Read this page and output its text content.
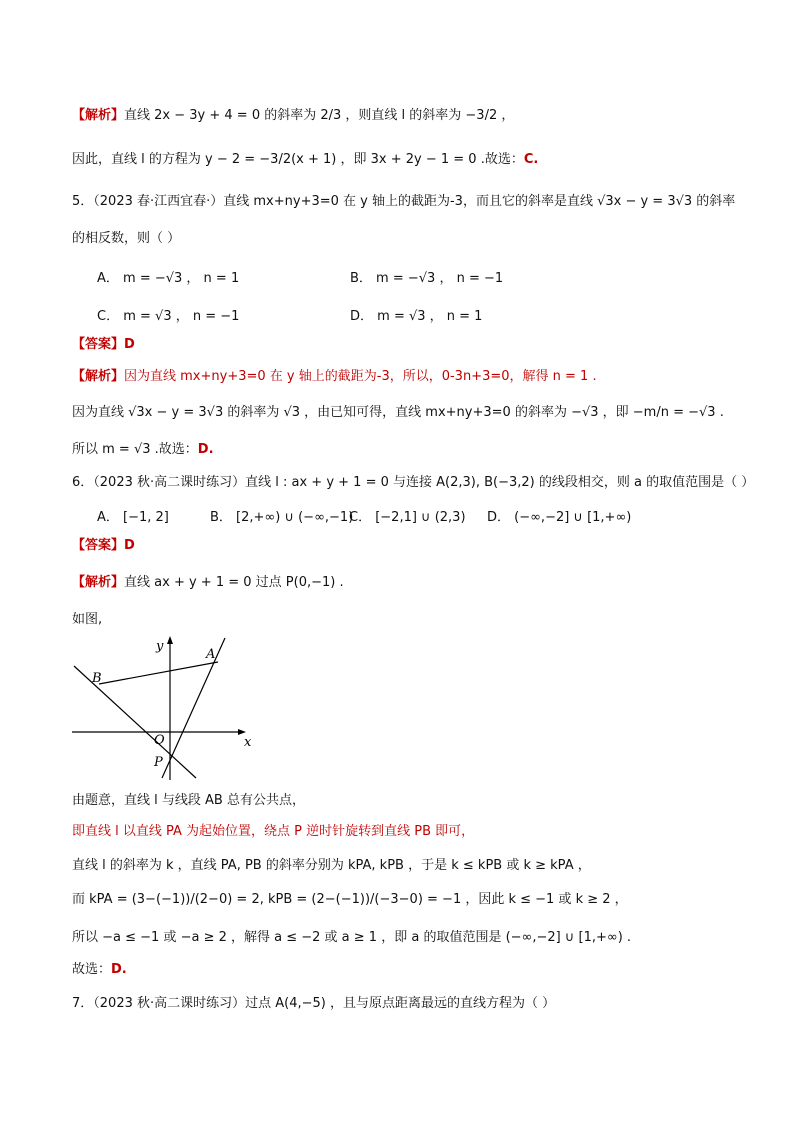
【解析】直线 2x − 3y + 4 = 0 的斜率为 2/3 ，则直线 l 的斜率为 −3/2 ，
因此，直线 l 的方程为 y − 2 = −3/2(x + 1) ，即 3x + 2y − 1 = 0 .故选：C.
5．（2023 春·江西宜春·）直线 mx+ny+3=0 在 y 轴上的截距为-3，而且它的斜率是直线 √3x − y = 3√3 的斜率
的相反数，则（ ）
A． m = −√3 ， n = 1	B． m = −√3 ， n = −1
C． m = √3 ， n = −1	D． m = √3 ， n = 1
【答案】D
【解析】因为直线 mx+ny+3=0 在 y 轴上的截距为-3，所以，0-3n+3=0，解得 n = 1 .
因为直线 √3x − y = 3√3 的斜率为 √3 ，由已知可得，直线 mx+ny+3=0 的斜率为 −√3 ，即 −m/n = −√3 .
所以 m = √3 .故选：D.
6．（2023 秋·高二课时练习）直线 l : ax + y + 1 = 0 与连接 A(2,3), B(−3,2) 的线段相交，则 a 的取值范围是（ ）
A． [−1, 2]	B． [2,+∞) ∪ (−∞,−1)
C． [−2,1] ∪ (2,3) D． (−∞,−2] ∪ [1,+∞)
【答案】D
【解析】直线 ax + y + 1 = 0 过点 P(0,−1) .
如图,
y
x
A
B
O
P
由题意，直线 l 与线段 AB 总有公共点，
即直线 l 以直线 PA 为起始位置，绕点 P 逆时针旋转到直线 PB 即可，
直线 l 的斜率为 k ，直线 PA, PB 的斜率分别为 kPA, kPB ，于是 k ≤ kPB 或 k ≥ kPA ，
而 kPA = (3−(−1))/(2−0) = 2, kPB = (2−(−1))/(−3−0) = −1 ，因此 k ≤ −1 或 k ≥ 2 ，
所以 −a ≤ −1 或 −a ≥ 2 ，解得 a ≤ −2 或 a ≥ 1 ，即 a 的取值范围是 (−∞,−2] ∪ [1,+∞) .
故选：D.
7．（2023 秋·高二课时练习）过点 A(4,−5) ，且与原点距离最远的直线方程为（ ）
